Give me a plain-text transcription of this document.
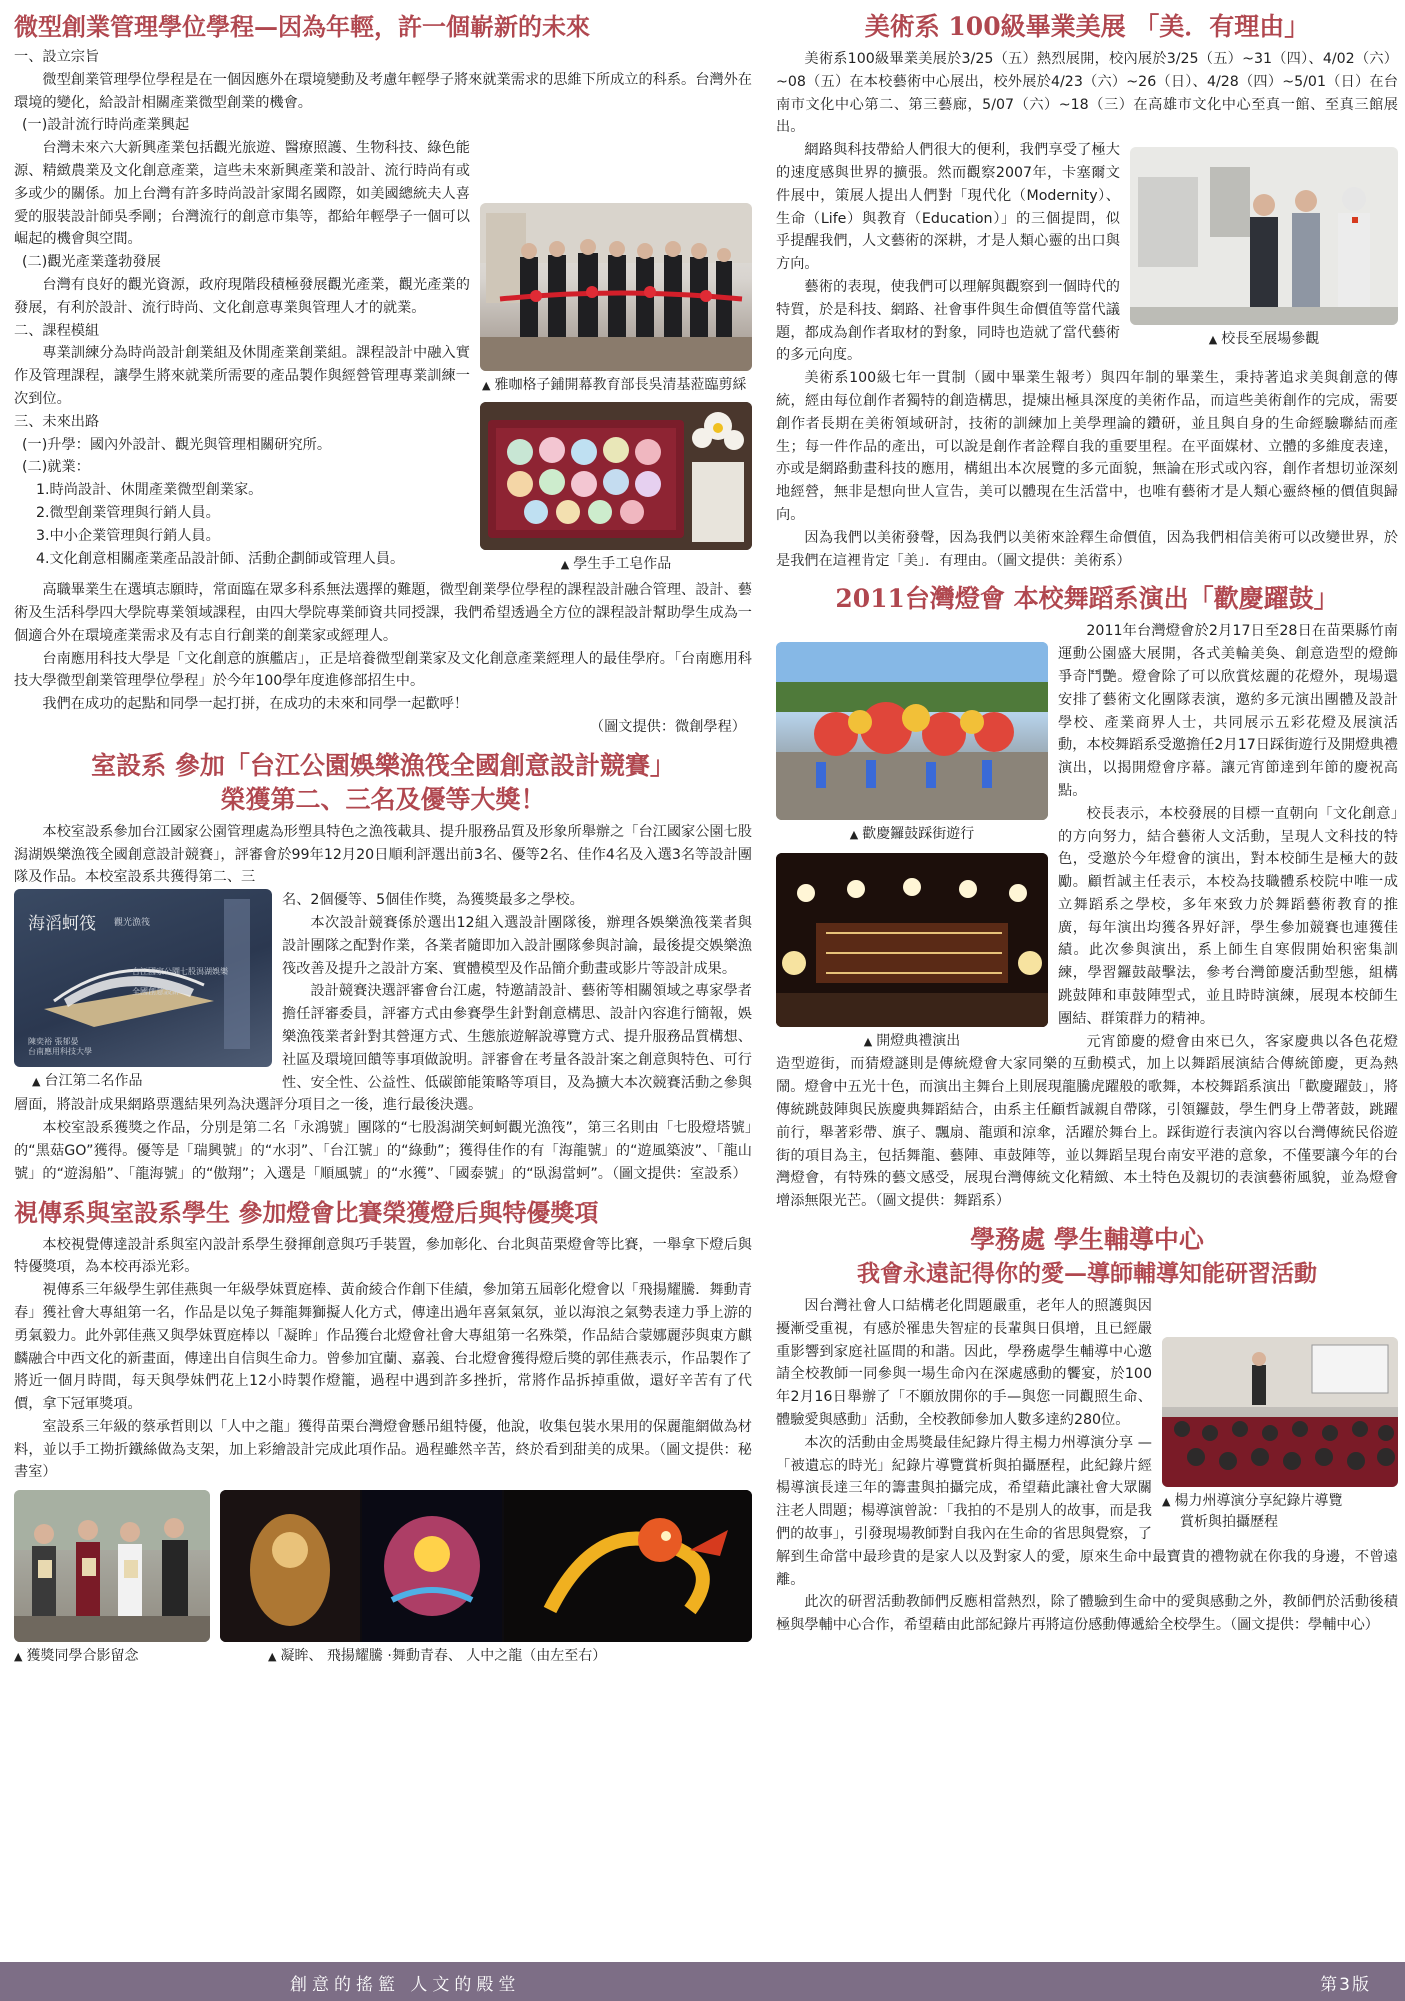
微型創業管理學位學程—因為年輕，許一個嶄新的未來
一、設立宗旨

微型創業管理學位學程是在一個因應外在環境變動及考慮年輕學子將來就業需求的思維下所成立的科系。台灣外在環境的變化，給設計相關產業微型創業的機會。

(一)設計流行時尚產業興起
▲ 雅咖格子鋪開幕教育部長吳清基蒞臨剪綵
▲ 學生手工皂作品

台灣未來六大新興產業包括觀光旅遊、醫療照護、生物科技、綠色能源、精緻農業及文化創意產業，這些未來新興產業和設計、流行時尚有或多或少的關係。加上台灣有許多時尚設計家聞名國際，如美國總統夫人喜愛的服裝設計師吳季剛；台灣流行的創意市集等，都給年輕學子一個可以崛起的機會與空間。

(二)觀光產業蓬勃發展

台灣有良好的觀光資源，政府現階段積極發展觀光產業，觀光產業的發展，有利於設計、流行時尚、文化創意專業與管理人才的就業。

二、課程模組

專業訓練分為時尚設計創業組及休閒產業創業組。課程設計中融入實作及管理課程，讓學生將來就業所需要的產品製作與經營管理專業訓練一次到位。

三、未來出路
(一)升學：國內外設計、觀光與管理相關研究所。
(二)就業：
1.時尚設計、休閒產業微型創業家。
2.微型創業管理與行銷人員。
3.中小企業管理與行銷人員。
4.文化創意相關產業產品設計師、活動企劃師或管理人員。

高職畢業生在選填志願時，常面臨在眾多科系無法選擇的難題，微型創業學位學程的課程設計融合管理、設計、藝術及生活科學四大學院專業領域課程，由四大學院專業師資共同授課，我們希望透過全方位的課程設計幫助學生成為一個適合外在環境產業需求及有志自行創業的創業家或經理人。

台南應用科技大學是「文化創意的旗艦店」，正是培養微型創業家及文化創意產業經理人的最佳學府。「台南應用科技大學微型創業管理學位學程」於今年100學年度進修部招生中。

我們在成功的起點和同學一起打拼，在成功的未來和同學一起歡呼！

（圖文提供：微創學程）
室設系 參加「台江公園娛樂漁筏全國創意設計競賽」
榮獲第二、三名及優等大獎！

本校室設系參加台江國家公園管理處為形塑具特色之漁筏載具、提升服務品質及形象所舉辦之「台江國家公園七股潟湖娛樂漁筏全國創意設計競賽」，評審會於99年12月20日順利評選出前3名、優等2名、佳作4名及入選3名等設計團隊及作品。本校室設系共獲得第二、三

海滔蚵筏 觀光漁筏
台江國家公園七股潟湖娛樂漁筏
全國創意設計
陳奕裕 張郁晏
台南應用科技大學
▲ 台江第二名作品

名、2個優等、5個佳作獎，為獲獎最多之學校。

本次設計競賽係於選出12組入選設計團隊後，辦理各娛樂漁筏業者與設計團隊之配對作業，各業者隨即加入設計團隊參與討論，最後提交娛樂漁筏改善及提升之設計方案、實體模型及作品簡介動畫或影片等設計成果。

設計競賽決選評審會台江處，特邀請設計、藝術等相關領域之專家學者擔任評審委員，評審方式由參賽學生針對創意構思、設計內容進行簡報，娛樂漁筏業者針對其營運方式、生態旅遊解說導覽方式、提升服務品質構想、社區及環境回饋等事項做說明。評審會在考量各設計案之創意與特色、可行性、安全性、公益性、低碳節能策略等項目，及為擴大本次競賽活動之參與層面，將設計成果網路票選結果列為決選評分項目之一後，進行最後決選。

本校室設系獲獎之作品，分別是第二名「永鴻號」團隊的“七股潟湖笑蚵蚵觀光漁筏”，第三名則由「七股燈塔號」的“黑菇GO”獲得。優等是「瑞興號」的“水羽”、「台江號」的“綠動”；獲得佳作的有「海龍號」的“遊風築波”、「龍山號」的“遊潟船”、「龍海號」的“傲翔”；入選是「順風號」的“水獲”、「國泰號」的“臥潟當蚵”。（圖文提供：室設系）

視傳系與室設系學生 參加燈會比賽榮獲燈后與特優獎項

本校視覺傳達設計系與室內設計系學生發揮創意與巧手裝置，參加彰化、台北與苗栗燈會等比賽，一舉拿下燈后與特優獎項，為本校再添光彩。

視傳系三年級學生郭佳燕與一年級學妹賈庭棒、黃俞綾合作創下佳績，參加第五屆彰化燈會以「飛揚耀騰．舞動青春」獲社會大專組第一名，作品是以兔子舞龍舞獅擬人化方式，傳達出過年喜氣氣氛，並以海浪之氣勢表達力爭上游的勇氣毅力。此外郭佳燕又與學妹賈庭棒以「凝眸」作品獲台北燈會社會大專組第一名殊榮，作品結合蒙娜麗莎與東方麒麟融合中西文化的新畫面，傳達出自信與生命力。曾參加宜蘭、嘉義、台北燈會獲得燈后獎的郭佳燕表示，作品製作了將近一個月時間，每天與學妹們花上12小時製作燈籠，過程中遇到許多挫折，常將作品拆掉重做，還好辛苦有了代價，拿下冠軍獎項。

室設系三年級的蔡承哲則以「人中之龍」獲得苗栗台灣燈會懸吊組特優，他說，收集包裝水果用的保麗龍網做為材料，並以手工拗折鐵絲做為支架，加上彩繪設計完成此項作品。過程雖然辛苦，終於看到甜美的成果。（圖文提供：秘書室）

▲ 獲獎同學合影留念	▲ 凝眸、 飛揚耀騰 ·舞動青春、 人中之龍（由左至右）
美術系 100級畢業美展 「美．有理由」

美術系100級畢業美展於3/25（五）熱烈展開，校內展於3/25（五）~31（四）、4/02（六）~08（五）在本校藝術中心展出，校外展於4/23（六）~26（日）、4/28（四）~5/01（日）在台南市文化中心第二、第三藝廊，5/07（六）~18（三）在高雄市文化中心至真一館、至真三館展出。

▲ 校長至展場參觀

網路與科技帶給人們很大的便利，我們享受了極大的速度感與世界的擴張。然而觀察2007年，卡塞爾文件展中，策展人提出人們對「現代化（Modernity）、生命（Life）與教育（Education）」的三個提問，似乎提醒我們，人文藝術的深耕，才是人類心靈的出口與方向。

藝術的表現，使我們可以理解與觀察到一個時代的特質，於是科技、網路、社會事件與生命價值等當代議題，都成為創作者取材的對象，同時也造就了當代藝術的多元向度。

美術系100級七年一貫制（國中畢業生報考）與四年制的畢業生，秉持著追求美與創意的傳統，經由每位創作者獨特的創造構思，提煉出極具深度的美術作品，而這些美術創作的完成，需要創作者長期在美術領域研討，技術的訓練加上美學理論的鑽研，並且與自身的生命經驗聯結而產生；每一件作品的產出，可以說是創作者詮釋自我的重要里程。在平面媒材、立體的多維度表達，亦或是網路動畫科技的應用，構組出本次展覽的多元面貌，無論在形式或內容，創作者想切並深刻地經營，無非是想向世人宣告，美可以體現在生活當中，也唯有藝術才是人類心靈終極的價值與歸向。

因為我們以美術發聲，因為我們以美術來詮釋生命價值，因為我們相信美術可以改變世界，於是我們在這裡肯定「美」．有理由。（圖文提供：美術系）

2011台灣燈會 本校舞蹈系演出「歡慶躍鼓」
▲ 歡慶鑼鼓踩街遊行
▲ 開燈典禮演出

2011年台灣燈會於2月17日至28日在苗栗縣竹南運動公園盛大展開，各式美輪美奐、創意造型的燈飾爭奇鬥艷。燈會除了可以欣賞炫麗的花燈外，現場還安排了藝術文化團隊表演，邀約多元演出團體及設計學校、產業商界人士，共同展示五彩花燈及展演活動，本校舞蹈系受邀擔任2月17日踩街遊行及開燈典禮演出，以揭開燈會序幕。讓元宵節達到年節的慶祝高點。

校長表示，本校發展的目標一直朝向「文化創意」的方向努力，結合藝術人文活動，呈現人文科技的特色，受邀於今年燈會的演出，對本校師生是極大的鼓勵。顧哲誠主任表示，本校為技職體系校院中唯一成立舞蹈系之學校，多年來致力於舞蹈藝術教育的推廣，每年演出均獲各界好評，學生參加競賽也連獲佳績。此次參與演出，系上師生自寒假開始积密集訓練，學習鑼鼓敲擊法，參考台灣節慶活動型態，組構跳鼓陣和車鼓陣型式，並且時時演練，展現本校師生團結、群策群力的精神。

元宵節慶的燈會由來已久，客家慶典以各色花燈造型遊街，而猜燈謎則是傳統燈會大家同樂的互動模式，加上以舞蹈展演結合傳統節慶，更為熱鬧。燈會中五光十色，而演出主舞台上則展現龍騰虎躍般的歌舞，本校舞蹈系演出「歡慶躍鼓」，將傳統跳鼓陣與民族慶典舞蹈結合，由系主任顧哲誠親自帶隊，引領鑼鼓，學生們身上帶著鼓，跳躍前行，舉著彩帶、旗子、飄扇、龍頭和涼傘，活躍於舞台上。踩街遊行表演內容以台灣傳統民俗遊街的項目為主，包括舞龍、藝陣、車鼓陣等，並以舞蹈呈現台南安平港的意象，不僅要讓今年的台灣燈會，有特殊的藝文感受，展現台灣傳統文化精緻、本土特色及親切的表演藝術風貌，並為燈會增添無限光芒。（圖文提供：舞蹈系）

學務處 學生輔導中心
我會永遠記得你的愛—導師輔導知能研習活動
▲ 楊力州導演分享紀錄片導覽
賞析與拍攝歷程

因台灣社會人口結構老化問題嚴重，老年人的照護與因擾漸受重視，有感於罹患失智症的長輩與日俱增，且已經嚴重影響到家庭社區間的和諧。因此，學務處學生輔導中心邀請全校教師一同參與一場生命內在深處感動的饗宴，於100年2月16日舉辦了「不願放開你的手—與您一同觀照生命、體驗愛與感動」活動，全校教師參加人數多達約280位。

本次的活動由金馬獎最佳紀錄片得主楊力州導演分享 —「被遺忘的時光」紀錄片導覽賞析與拍攝歷程，此紀錄片經楊導演長達三年的籌畫與拍攝完成，希望藉此讓社會大眾關注老人問題；楊導演曾說：「我拍的不是別人的故事，而是我們的故事」，引發現場教師對自我內在生命的省思與覺察，了解到生命當中最珍貴的是家人以及對家人的愛，原來生命中最寶貴的禮物就在你我的身邊，不曾遠離。

此次的研習活動教師們反應相當熱烈，除了體驗到生命中的愛與感動之外，教師們於活動後積極與學輔中心合作，希望藉由此部紀錄片再將這份感動傳遞給全校學生。（圖文提供：學輔中心）

創意的搖籃 人文的殿堂	第3版
